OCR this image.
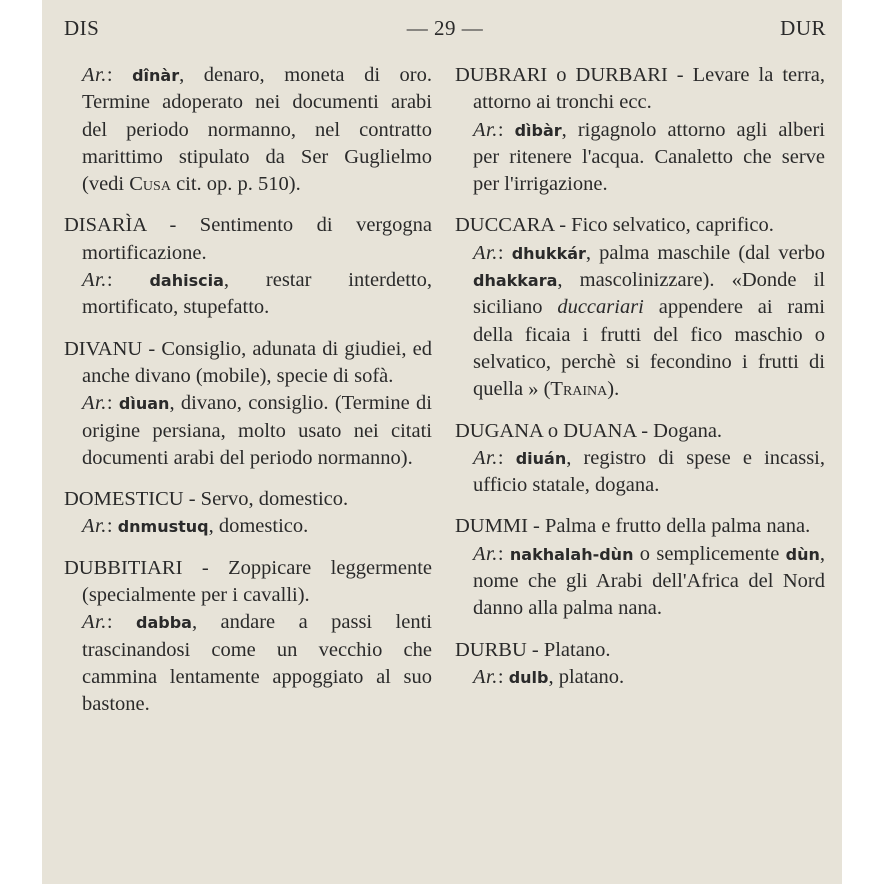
DIS	— 29 —	DUR
Ar.: dînàr, denaro, moneta di oro. Termine adoperato nei documenti arabi del periodo normanno, nel contratto marittimo stipulato da Ser Guglielmo (vedi Cusa cit. op. p. 510).
DISARÌA - Sentimento di vergogna mortificazione.
Ar.: dahiscia, restar interdetto, mortificato, stupefatto.
DIVANU - Consiglio, adunata di giudiei, ed anche divano (mobile), specie di sofà.
Ar.: dìuan, divano, consiglio. (Termine di origine persiana, molto usato nei citati documenti arabi del periodo normanno).
DOMESTICU - Servo, domestico.
Ar.: dnmustuq, domestico.
DUBBITIARI - Zoppicare leggermente (specialmente per i cavalli).
Ar.: dabba, andare a passi lenti trascinandosi come un vecchio che cammina lentamente appoggiato al suo bastone.
DUBRARI o DURBARI - Levare la terra, attorno ai tronchi ecc.
Ar.: dìbàr, rigagnolo attorno agli alberi per ritenere l'acqua. Canaletto che serve per l'irrigazione.
DUCCARA - Fico selvatico, caprifico.
Ar.: dhukkár, palma maschile (dal verbo dhakkara, mascolinizzare). «Donde il siciliano duccariari appendere ai rami della ficaia i frutti del fico maschio o selvatico, perchè si fecondino i frutti di quella » (Traina).
DUGANA o DUANA - Dogana.
Ar.: diuán, registro di spese e incassi, ufficio statale, dogana.
DUMMI - Palma e frutto della palma nana.
Ar.: nakhalah-dùn o semplicemente dùn, nome che gli Arabi dell'Africa del Nord danno alla palma nana.
DURBU - Platano.
Ar.: dulb, platano.
